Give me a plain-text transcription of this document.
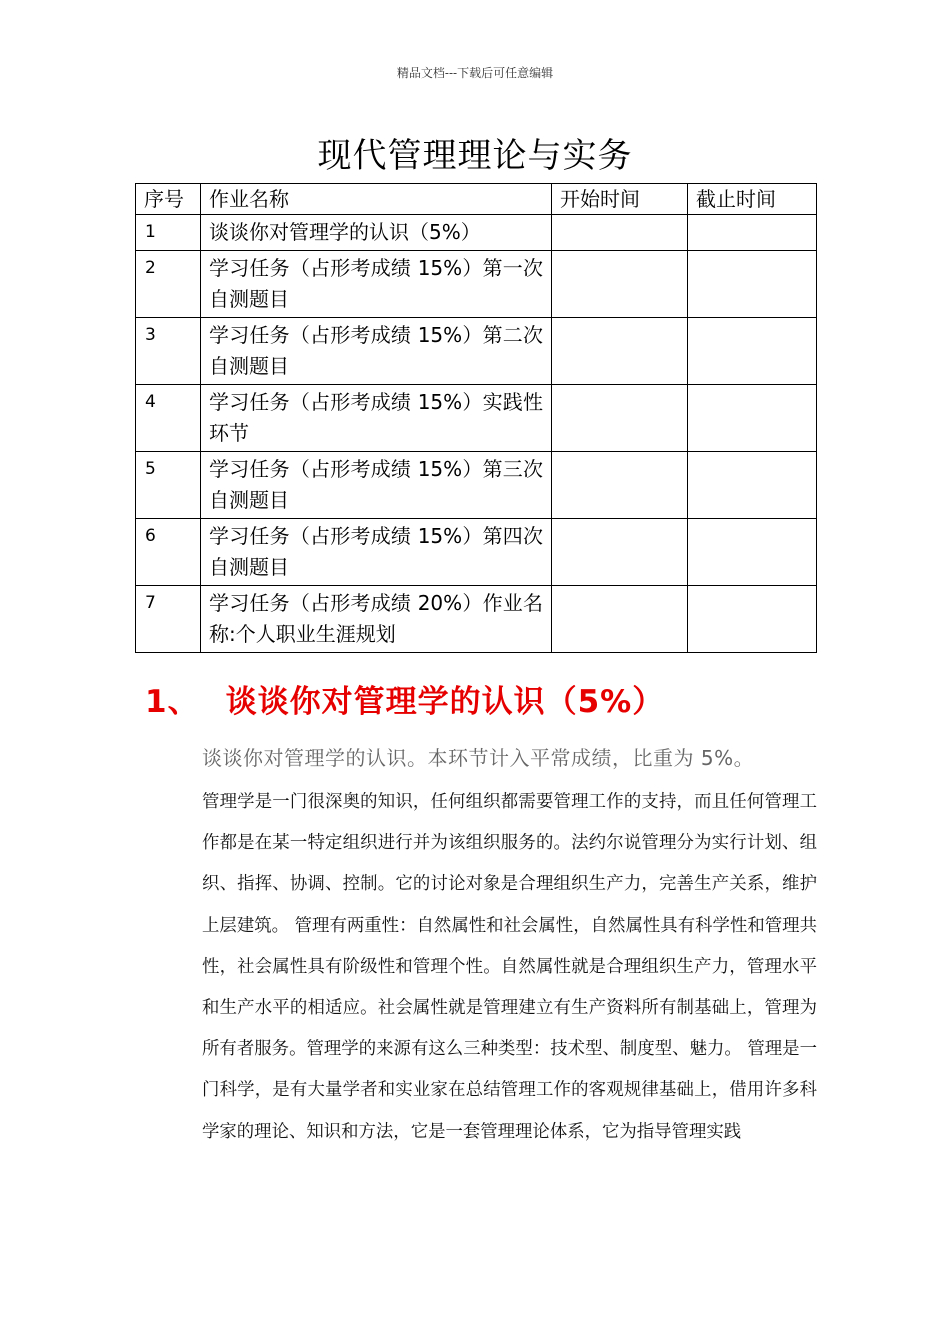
精品文档---下载后可任意编辑
现代管理理论与实务
序号	作业名称	开始时间	截止时间
1	谈谈你对管理学的认识（5%）		
2	学习任务（占形考成绩 15%）第一次自测题目		
3	学习任务（占形考成绩 15%）第二次自测题目		
4	学习任务（占形考成绩 15%）实践性环节		
5	学习任务（占形考成绩 15%）第三次自测题目		
6	学习任务（占形考成绩 15%）第四次自测题目		
7	学习任务（占形考成绩 20%）作业名称:个人职业生涯规划		
1、 谈谈你对管理学的认识（5%）
谈谈你对管理学的认识。本环节计入平常成绩，比重为 5%。
管理学是一门很深奥的知识，任何组织都需要管理工作的支持，而且任何管理工作都是在某一特定组织进行并为该组织服务的。法约尔说管理分为实行计划、组织、指挥、协调、控制。它的讨论对象是合理组织生产力，完善生产关系，维护上层建筑。 管理有两重性：自然属性和社会属性，自然属性具有科学性和管理共性，社会属性具有阶级性和管理个性。自然属性就是合理组织生产力，管理水平和生产水平的相适应。社会属性就是管理建立有生产资料所有制基础上，管理为所有者服务。管理学的来源有这么三种类型：技术型、制度型、魅力。 管理是一门科学，是有大量学者和实业家在总结管理工作的客观规律基础上，借用许多科学家的理论、知识和方法，它是一套管理理论体系，它为指导管理实践
